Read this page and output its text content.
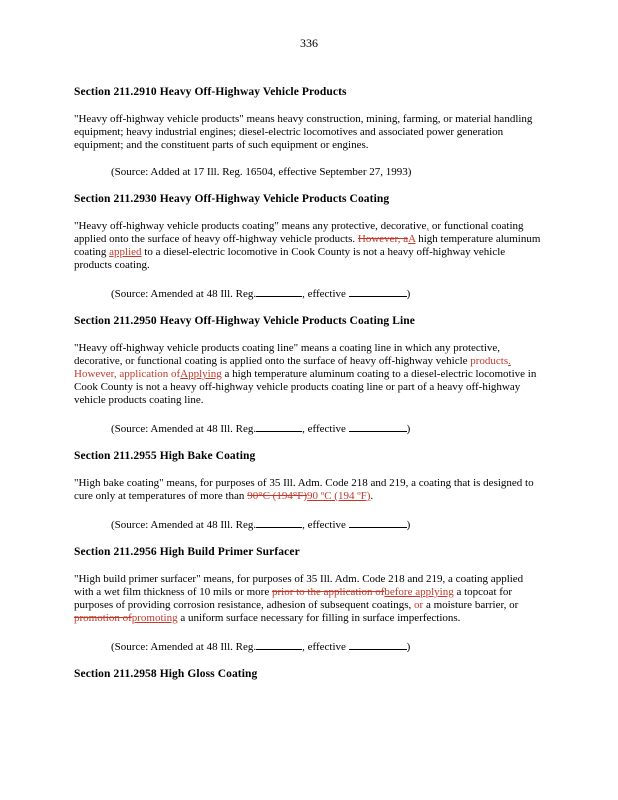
336
Section 211.2910 Heavy Off-Highway Vehicle Products

"Heavy off-highway vehicle products" means heavy construction, mining, farming, or material handling equipment; heavy industrial engines; diesel-electric locomotives and associated power generation equipment; and the constituent parts of such equipment or engines.

(Source: Added at 17 Ill. Reg. 16504, effective September 27, 1993)

Section 211.2930 Heavy Off-Highway Vehicle Products Coating

"Heavy off-highway vehicle products coating" means any protective, decorative, or functional coating applied onto the surface of heavy off-highway vehicle products. However, aA high temperature aluminum coating applied to a diesel-electric locomotive in Cook County is not a heavy off-highway vehicle products coating.

(Source: Amended at 48 Ill. Reg.	, effective	)

Section 211.2950 Heavy Off-Highway Vehicle Products Coating Line

"Heavy off-highway vehicle products coating line" means a coating line in which any protective, decorative, or functional coating is applied onto the surface of heavy off-highway vehicle products. However, application ofApplying a high temperature aluminum coating to a diesel-electric locomotive in Cook County is not a heavy off-highway vehicle products coating line or part of a heavy off-highway vehicle products coating line.

(Source: Amended at 48 Ill. Reg.	, effective	)

Section 211.2955 High Bake Coating

"High bake coating" means, for purposes of 35 Ill. Adm. Code 218 and 219, a coating that is designed to cure only at temperatures of more than 90°C (194°F)90 ºC (194 ºF).

(Source: Amended at 48 Ill. Reg.	, effective	)

Section 211.2956 High Build Primer Surfacer

"High build primer surfacer" means, for purposes of 35 Ill. Adm. Code 218 and 219, a coating applied with a wet film thickness of 10 mils or more prior to the application ofbefore applying a topcoat for purposes of providing corrosion resistance, adhesion of subsequent coatings, or a moisture barrier, or promotion ofpromoting a uniform surface necessary for filling in surface imperfections.

(Source: Amended at 48 Ill. Reg.	, effective	)

Section 211.2958 High Gloss Coating
